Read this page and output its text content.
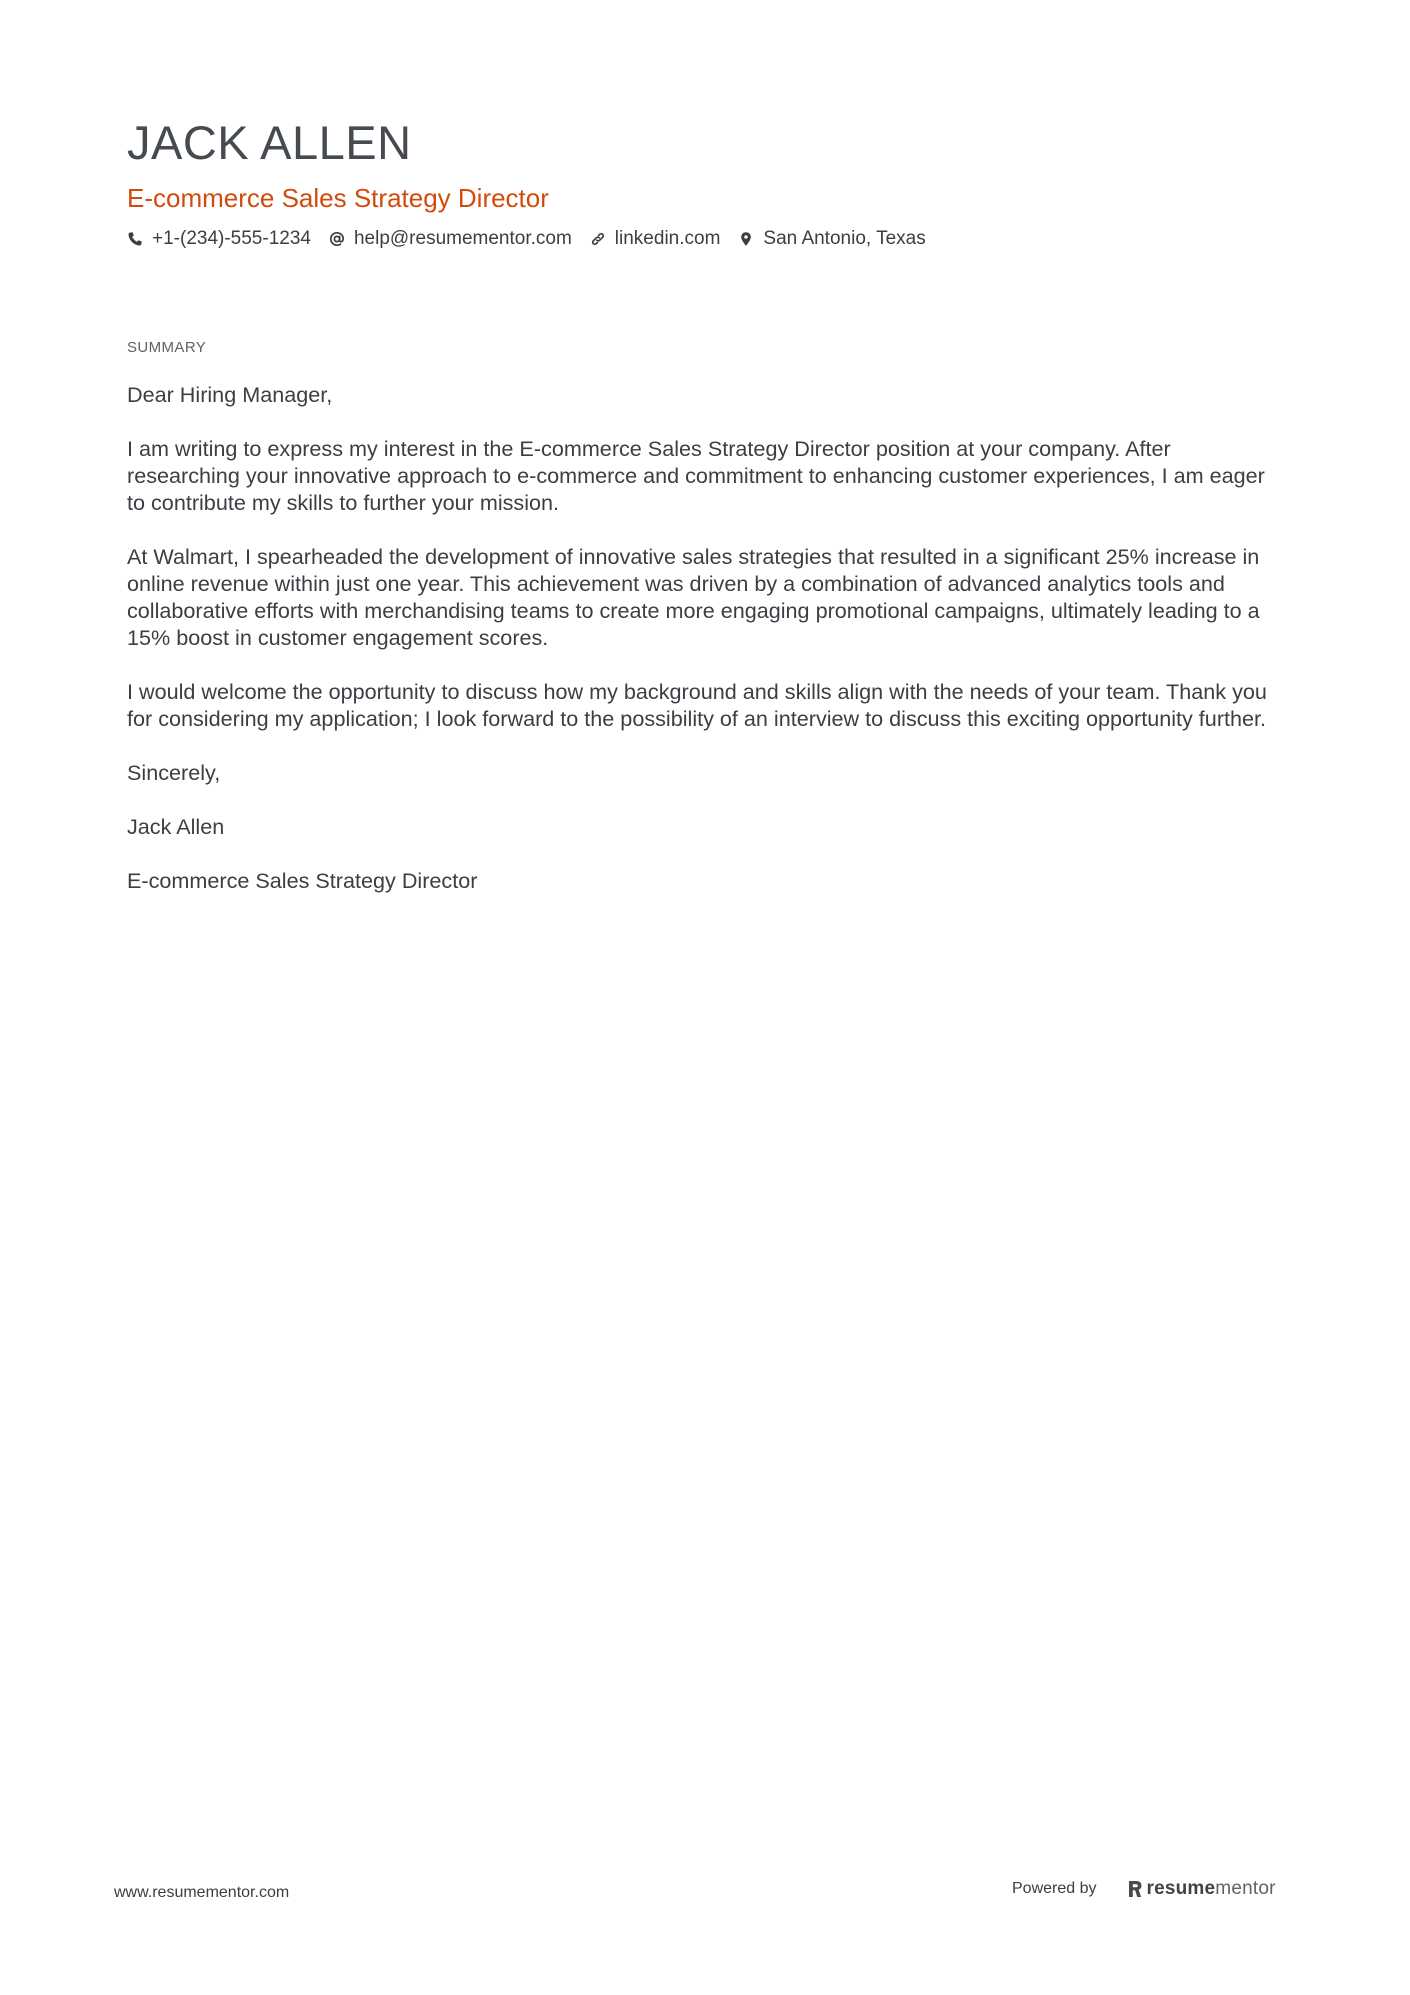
JACK ALLEN
E-commerce Sales Strategy Director
+1-(234)-555-1234 help@resumementor.com linkedin.com San Antonio, Texas
SUMMARY

Dear Hiring Manager,

I am writing to express my interest in the E-commerce Sales Strategy Director position at your company. After researching your innovative approach to e-commerce and commitment to enhancing customer experiences, I am eager to contribute my skills to further your mission.

At Walmart, I spearheaded the development of innovative sales strategies that resulted in a significant 25% increase in online revenue within just one year. This achievement was driven by a combination of advanced analytics tools and collaborative efforts with merchandising teams to create more engaging promotional campaigns, ultimately leading to a 15% boost in customer engagement scores.

I would welcome the opportunity to discuss how my background and skills align with the needs of your team. Thank you for considering my application; I look forward to the possibility of an interview to discuss this exciting opportunity further.

Sincerely,

Jack Allen

E-commerce Sales Strategy Director

www.resumementor.com	Powered by	resumementor
